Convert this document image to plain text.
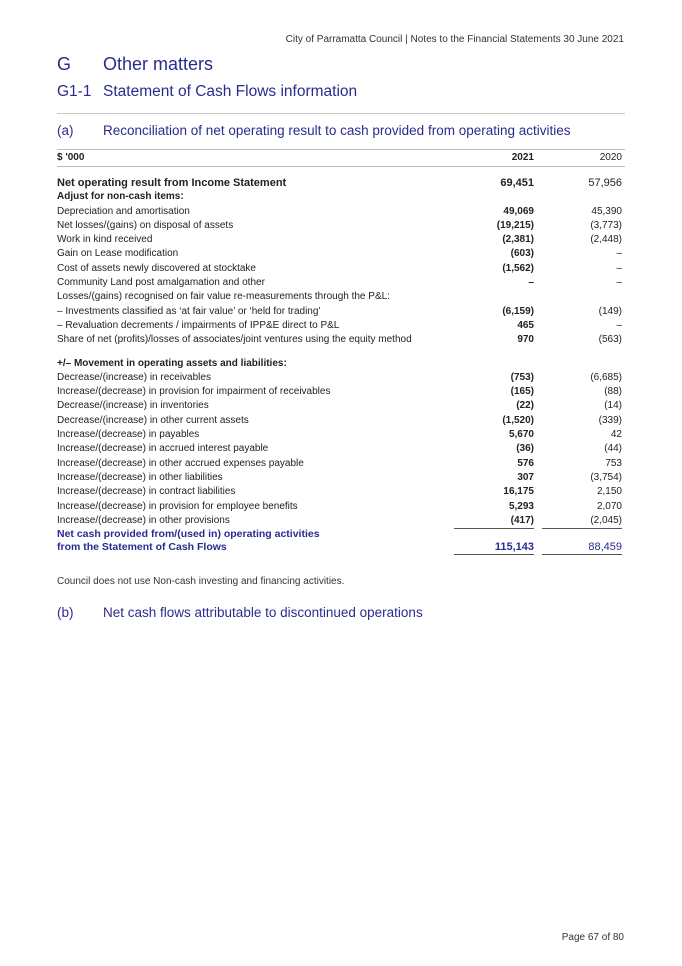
City of Parramatta Council | Notes to the Financial Statements 30 June 2021
G Other matters
G1-1 Statement of Cash Flows information
(a) Reconciliation of net operating result to cash provided from operating activities
$ '000	2021	2020
Net operating result from Income Statement	69,451	57,956
Adjust for non-cash items:
Depreciation and amortisation	49,069	45,390
Net losses/(gains) on disposal of assets	(19,215)	(3,773)
Work in kind received	(2,381)	(2,448)
Gain on Lease modification	(603)	–
Cost of assets newly discovered at stocktake	(1,562)	–
Community Land post amalgamation and other	–	–
Losses/(gains) recognised on fair value re-measurements through the P&L:
– Investments classified as ‘at fair value’ or ‘held for trading’	(6,159)	(149)
– Revaluation decrements / impairments of IPP&E direct to P&L	465	–
Share of net (profits)/losses of associates/joint ventures using the equity method	970	(563)
+/– Movement in operating assets and liabilities:
Decrease/(increase) in receivables	(753)	(6,685)
Increase/(decrease) in provision for impairment of receivables	(165)	(88)
Decrease/(increase) in inventories	(22)	(14)
Decrease/(increase) in other current assets	(1,520)	(339)
Increase/(decrease) in payables	5,670	42
Increase/(decrease) in accrued interest payable	(36)	(44)
Increase/(decrease) in other accrued expenses payable	576	753
Increase/(decrease) in other liabilities	307	(3,754)
Increase/(decrease) in contract liabilities	16,175	2,150
Increase/(decrease) in provision for employee benefits	5,293	2,070
Increase/(decrease) in other provisions	(417)	(2,045)
Net cash provided from/(used in) operating activities
from the Statement of Cash Flows	115,143	88,459
Council does not use Non-cash investing and financing activities.
(b) Net cash flows attributable to discontinued operations
Page 67 of 80
